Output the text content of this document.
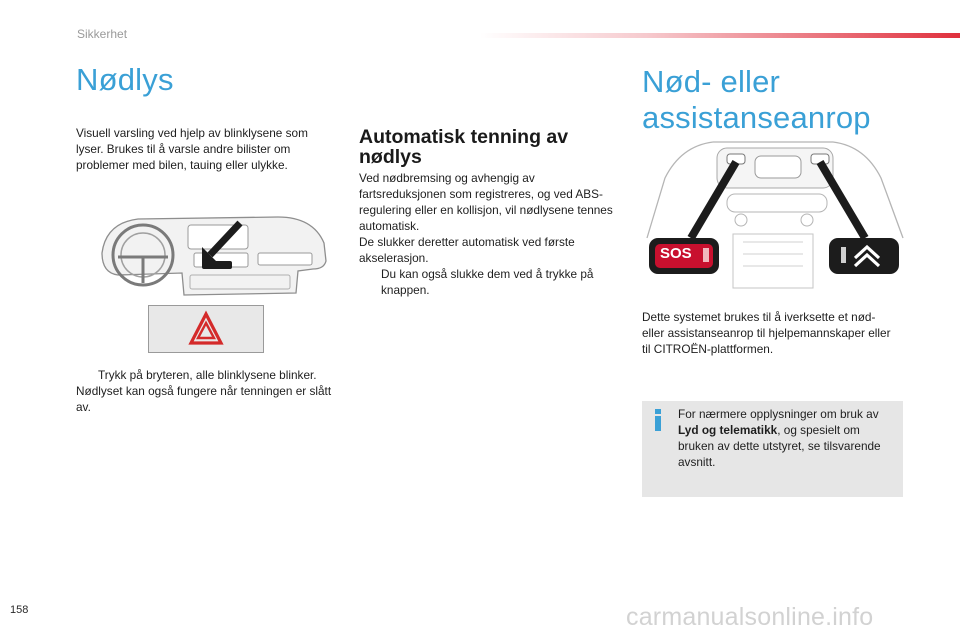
Sikkerhet
Nødlys

Visuell varsling ved hjelp av blinklysene som lyser. Brukes til å varsle andre bilister om problemer med bilen, tauing eller ulykke.

Trykk på bryteren, alle blinklysene blinker.

Nødlyset kan også fungere når tenningen er slått av.

Automatisk tenning av nødlys

Ved nødbremsing og avhengig av fartsreduksjonen som registreres, og ved ABS-regulering eller en kollisjon, vil nødlysene tennes automatisk.

De slukker deretter automatisk ved første akselerasjon.

Du kan også slukke dem ved å trykke på knappen.
Nød- eller assistanseanrop
SOS

Dette systemet brukes til å iverksette et nød- eller assistanseanrop til hjelpemannskaper eller til CITROËN-plattformen.

For nærmere opplysninger om bruk av Lyd og telematikk, og spesielt om bruken av dette utstyret, se tilsvarende avsnitt.
158	carmanualsonline.info
